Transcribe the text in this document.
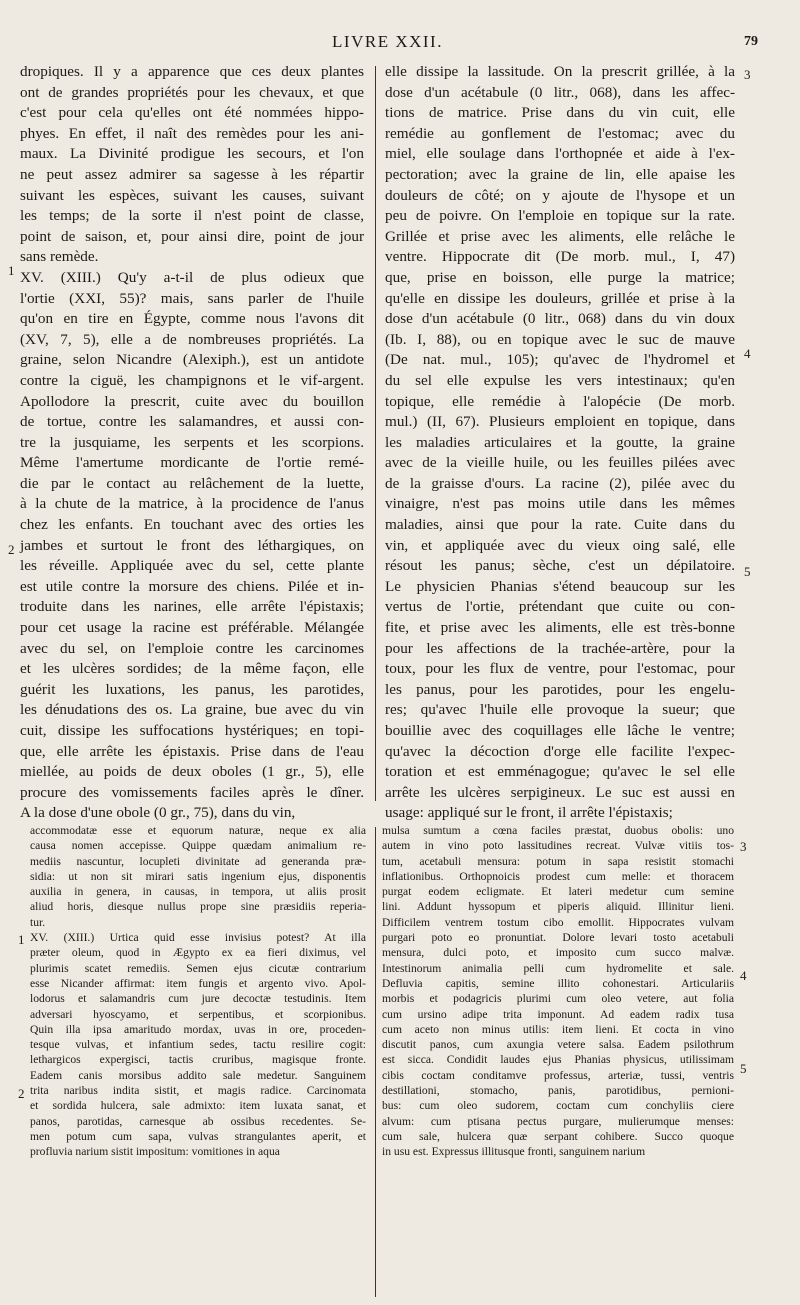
LIVRE XXII.	79
dropiques. Il y a apparence que ces deux plantes
ont de grandes propriétés pour les chevaux, et que
c'est pour cela qu'elles ont été nommées hippo-
phyes. En effet, il naît des remèdes pour les ani-
maux. La Divinité prodigue les secours, et l'on
ne peut assez admirer sa sagesse à les répartir
suivant les espèces, suivant les causes, suivant
les temps; de la sorte il n'est point de classe,
point de saison, et, pour ainsi dire, point de jour
sans remède.
XV. (XIII.) Qu'y a-t-il de plus odieux que
l'ortie (XXI, 55)? mais, sans parler de l'huile
qu'on en tire en Égypte, comme nous l'avons dit
(XV, 7, 5), elle a de nombreuses propriétés. La
graine, selon Nicandre (Alexiph.), est un antidote
contre la ciguë, les champignons et le vif-argent.
Apollodore la prescrit, cuite avec du bouillon
de tortue, contre les salamandres, et aussi con-
tre la jusquiame, les serpents et les scorpions.
Même l'amertume mordicante de l'ortie remé-
die par le contact au relâchement de la luette,
à la chute de la matrice, à la procidence de l'anus
chez les enfants. En touchant avec des orties les
jambes et surtout le front des léthargiques, on
les réveille. Appliquée avec du sel, cette plante
est utile contre la morsure des chiens. Pilée et in-
troduite dans les narines, elle arrête l'épistaxis;
pour cet usage la racine est préférable. Mélangée
avec du sel, on l'emploie contre les carcinomes
et les ulcères sordides; de la même façon, elle
guérit les luxations, les panus, les parotides,
les dénudations des os. La graine, bue avec du vin
cuit, dissipe les suffocations hystériques; en topi-
que, elle arrête les épistaxis. Prise dans de l'eau
miellée, au poids de deux oboles (1 gr., 5), elle
procure des vomissements faciles après le dîner.
A la dose d'une obole (0 gr., 75), dans du vin,
elle dissipe la lassitude. On la prescrit grillée, à la
dose d'un acétabule (0 litr., 068), dans les affec-
tions de matrice. Prise dans du vin cuit, elle
remédie au gonflement de l'estomac; avec du
miel, elle soulage dans l'orthopnée et aide à l'ex-
pectoration; avec la graine de lin, elle apaise les
douleurs de côté; on y ajoute de l'hysope et un
peu de poivre. On l'emploie en topique sur la rate.
Grillée et prise avec les aliments, elle relâche le
ventre. Hippocrate dit (De morb. mul., I, 47)
que, prise en boisson, elle purge la matrice;
qu'elle en dissipe les douleurs, grillée et prise à la
dose d'un acétabule (0 litr., 068) dans du vin doux
(Ib. I, 88), ou en topique avec le suc de mauve
(De nat. mul., 105); qu'avec de l'hydromel et
du sel elle expulse les vers intestinaux; qu'en
topique, elle remédie à l'alopécie (De morb.
mul.) (II, 67). Plusieurs emploient en topique, dans
les maladies articulaires et la goutte, la graine
avec de la vieille huile, ou les feuilles pilées avec
de la graisse d'ours. La racine (2), pilée avec du
vinaigre, n'est pas moins utile dans les mêmes
maladies, ainsi que pour la rate. Cuite dans du
vin, et appliquée avec du vieux oing salé, elle
résout les panus; sèche, c'est un dépilatoire.
Le physicien Phanias s'étend beaucoup sur les
vertus de l'ortie, prétendant que cuite ou con-
fite, et prise avec les aliments, elle est très-bonne
pour les affections de la trachée-artère, pour la
toux, pour les flux de ventre, pour l'estomac, pour
les panus, pour les parotides, pour les engelu-
res; qu'avec l'huile elle provoque la sueur; que
bouillie avec des coquillages elle lâche le ventre;
qu'avec la décoction d'orge elle facilite l'expec-
toration et est emménagogue; qu'avec le sel elle
arrête les ulcères serpigineux. Le suc est aussi en
usage: appliqué sur le front, il arrête l'épistaxis;
accommodatæ esse et equorum naturæ, neque ex alia
causa nomen accepisse. Quippe quædam animalium re-
mediis nascuntur, locupleti divinitate ad generanda præ-
sidia: ut non sit mirari satis ingenium ejus, disponentis
auxilia in genera, in causas, in tempora, ut aliis prosit
aliud horis, diesque nullus prope sine præsidiis reperia-
tur.
XV. (XIII.) Urtica quid esse invisius potest? At illa
præter oleum, quod in Ægypto ex ea fieri diximus, vel
plurimis scatet remediis. Semen ejus cicutæ contrarium
esse Nicander affirmat: item fungis et argento vivo. Apol-
lodorus et salamandris cum jure decoctæ testudinis. Item
adversari hyoscyamo, et serpentibus, et scorpionibus.
Quin illa ipsa amaritudo mordax, uvas in ore, proceden-
tesque vulvas, et infantium sedes, tactu resilire cogit:
lethargicos expergisci, tactis cruribus, magisque fronte.
Eadem canis morsibus addito sale medetur. Sanguinem
trita naribus indita sistit, et magis radice. Carcinomata
et sordida hulcera, sale admixto: item luxata sanat, et
panos, parotidas, carnesque ab ossibus recedentes. Se-
men potum cum sapa, vulvas strangulantes aperit, et
profluvia narium sistit impositum: vomitiones in aqua
mulsa sumtum a cœna faciles præstat, duobus obolis: uno
autem in vino poto lassitudines recreat. Vulvæ vitiis tos-
tum, acetabuli mensura: potum in sapa resistit stomachi
inflationibus. Orthopnoicis prodest cum melle: et thoracem
purgat eodem ecligmate. Et lateri medetur cum semine
lini. Addunt hyssopum et piperis aliquid. Illinitur lieni.
Difficilem ventrem tostum cibo emollit. Hippocrates vulvam
purgari poto eo pronuntiat. Dolore levari tosto acetabuli
mensura, dulci poto, et imposito cum succo malvæ.
Intestinorum animalia pelli cum hydromelite et sale.
Defluvia capitis, semine illito cohonestari. Articulariis
morbis et podagricis plurimi cum oleo vetere, aut folia
cum ursino adipe trita imponunt. Ad eadem radix tusa
cum aceto non minus utilis: item lieni. Et cocta in vino
discutit panos, cum axungia vetere salsa. Eadem psilothrum
est sicca. Condidit laudes ejus Phanias physicus, utilissimam
cibis coctam conditamve professus, arteriæ, tussi, ventris
destillationi, stomacho, panis, parotidibus, pernioni-
bus: cum oleo sudorem, coctam cum conchyliis ciere
alvum: cum ptisana pectus purgare, mulierumque menses:
cum sale, hulcera quæ serpant cohibere. Succo quoque
in usu est. Expressus illitusque fronti, sanguinem narium
1
2
3
4
5
1
2
3
4
5
